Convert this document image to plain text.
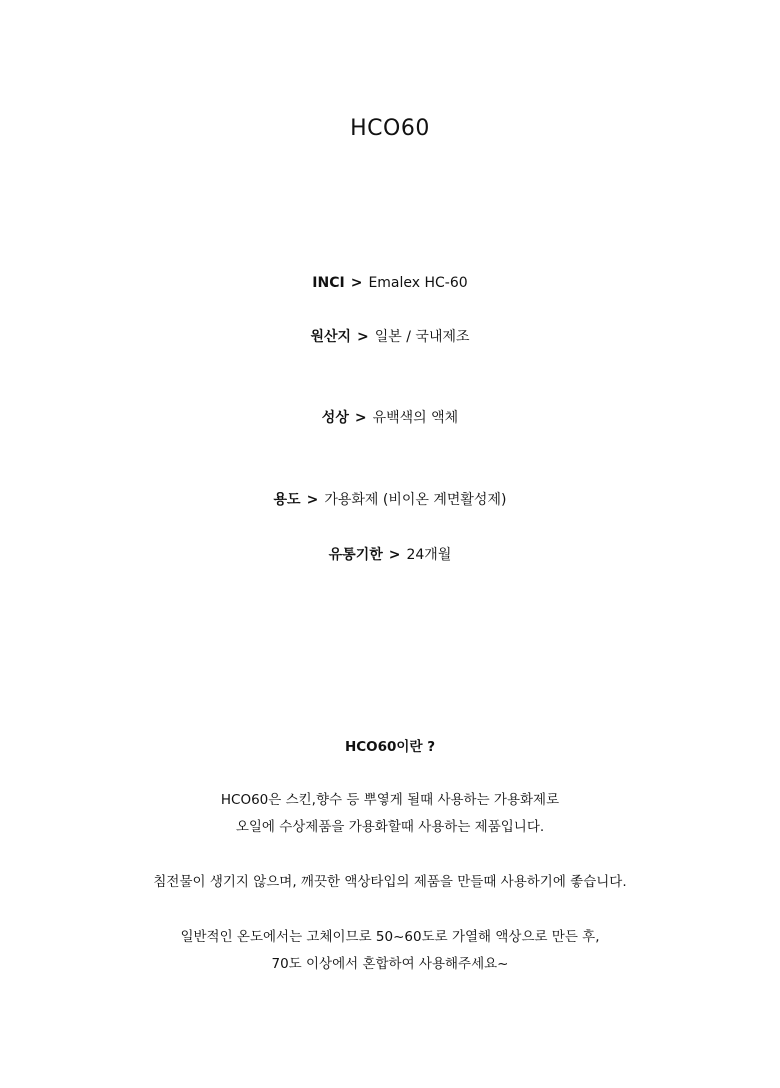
HCO60
INCI > Emalex HC-60
원산지 > 일본 / 국내제조
성상 > 유백색의 액체
용도 > 가용화제 (비이온 계면활성제)
유통기한 > 24개월
HCO60이란 ?
HCO60은 스킨,향수 등 뿌옇게 될때 사용하는 가용화제로
오일에 수상제품을 가용화할때 사용하는 제품입니다.
침전물이 생기지 않으며, 깨끗한 액상타입의 제품을 만들때 사용하기에 좋습니다.
일반적인 온도에서는 고체이므로 50~60도로 가열해 액상으로 만든 후,
70도 이상에서 혼합하여 사용해주세요~
